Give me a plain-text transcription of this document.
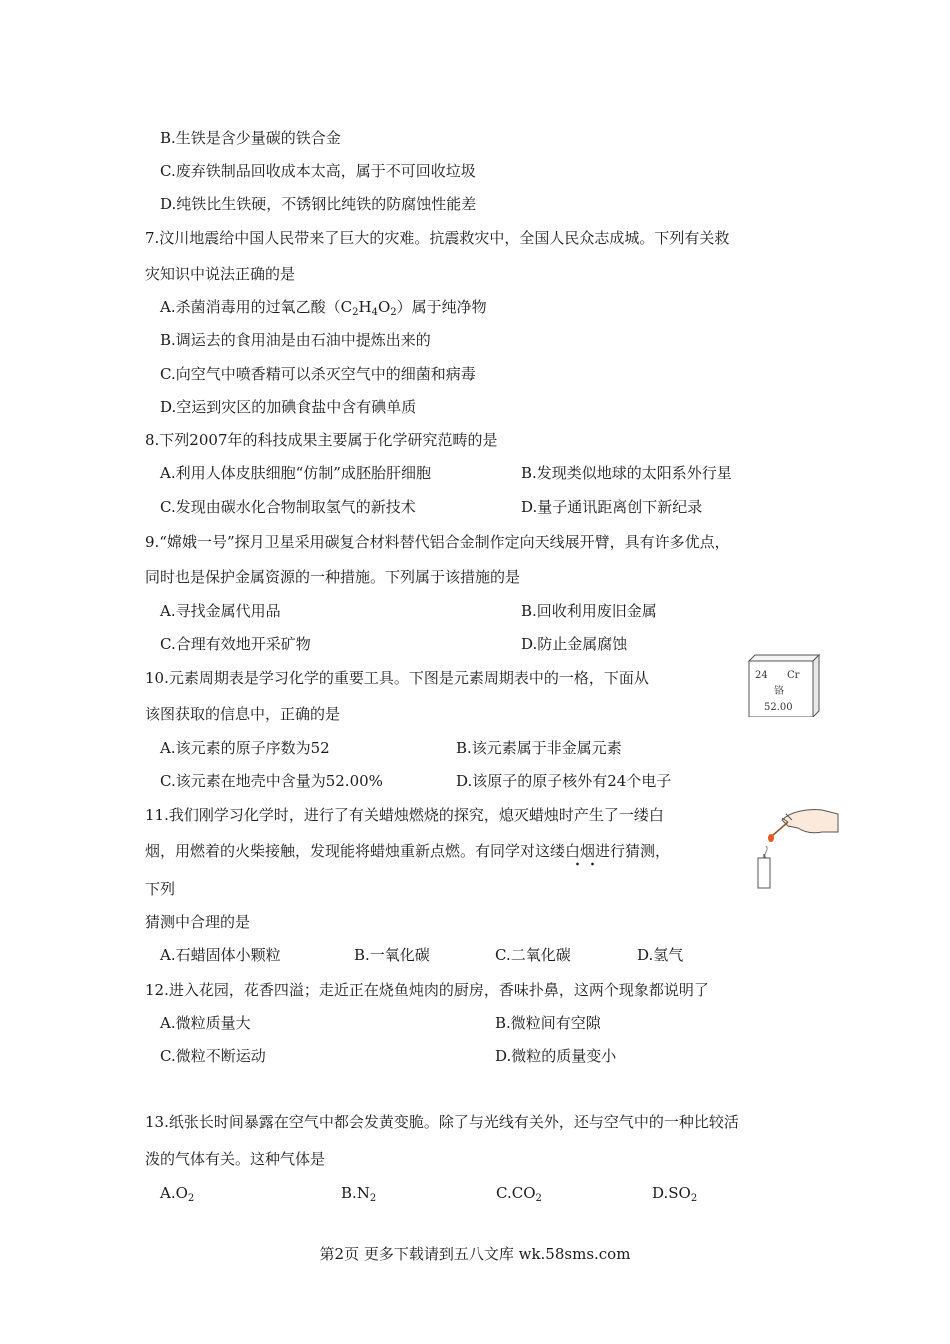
B.生铁是含少量碳的铁合金
C.废弃铁制品回收成本太高，属于不可回收垃圾
D.纯铁比生铁硬，不锈钢比纯铁的防腐蚀性能差
7.汶川地震给中国人民带来了巨大的灾难。抗震救灾中，全国人民众志成城。下列有关救
灾知识中说法正确的是
A.杀菌消毒用的过氧乙酸$(C_2H_4O_2)$属于纯净物
B.调运去的食用油是由石油中提炼出来的
C.向空气中喷香精可以杀灭空气中的细菌和病毒
D.空运到灾区的加碘食盐中含有碘单质
8.下列2007年的科技成果主要属于化学研究范畴的是
A.利用人体皮肤细胞“仿制”成胚胎肝细胞	B.发现类似地球的太阳系外行星
C.发现由碳水化合物制取氢气的新技术	D.量子通讯距离创下新纪录
9.“嫦娥一号”探月卫星采用碳复合材料替代铝合金制作定向天线展开臂，具有许多优点，
同时也是保护金属资源的一种措施。下列属于该措施的是
A.寻找金属代用品	B.回收利用废旧金属
C.合理有效地开采矿物	D.防止金属腐蚀
10.元素周期表是学习化学的重要工具。下图是元素周期表中的一格，下面从
该图获取的信息中，正确的是
A.该元素的原子序数为52	B.该元素属于非金属元素
C.该元素在地壳中含量为52.00%	D.该原子的原子核外有24个电子
24 Cr
铬
52.00
11.我们刚学习化学时，进行了有关蜡烛燃烧的探究，熄灭蜡烛时产生了一缕白
烟，用燃着的火柴接触，发现能将蜡烛重新点燃。有同学对这缕白烟进行猜测，
下列
猜测中合理的是
A.石蜡固体小颗粒	B.一氧化碳	C.二氧化碳	D.氢气
12.进入花园，花香四溢；走近正在烧鱼炖肉的厨房，香味扑鼻，这两个现象都说明了
A.微粒质量大	B.微粒间有空隙
C.微粒不断运动	D.微粒的质量变小
13.纸张长时间暴露在空气中都会发黄变脆。除了与光线有关外，还与空气中的一种比较活
泼的气体有关。这种气体是
$A.O_2$	$B.N_2$	$C.CO_2$	$D.SO_2$
第2页 更多下载请到五八文库 wk.58sms.com
